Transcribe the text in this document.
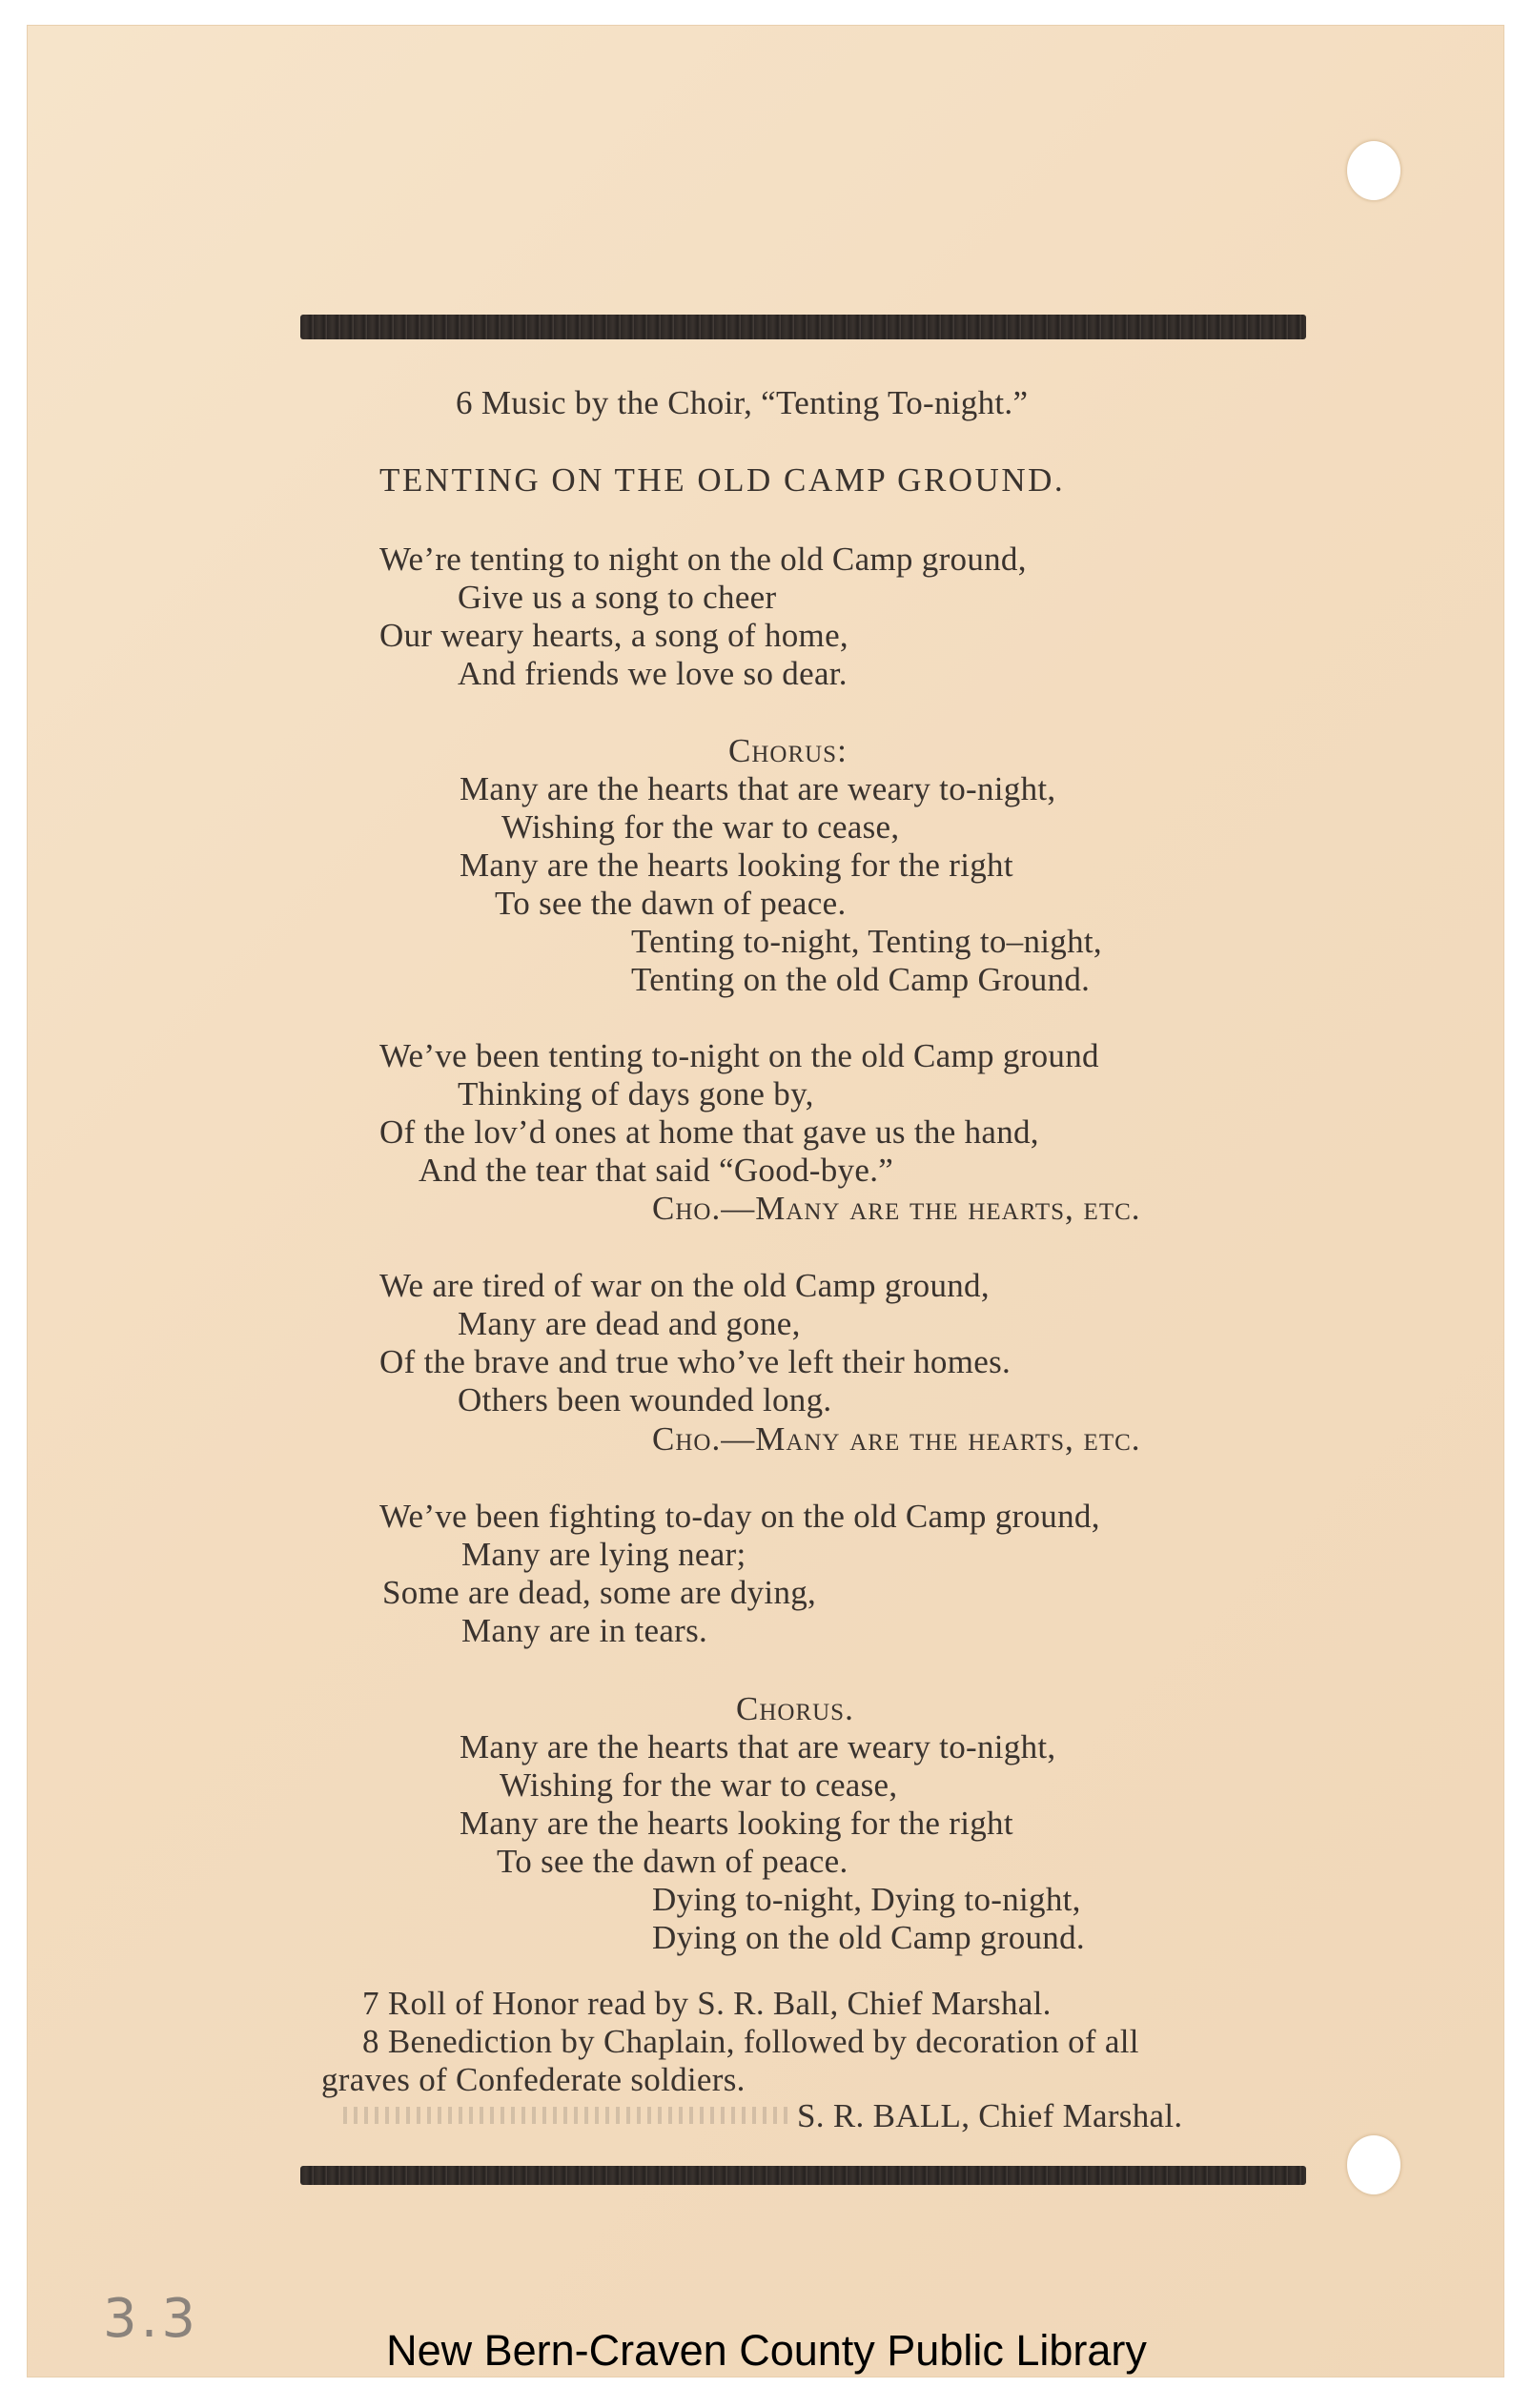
6 Music by the Choir, “Tenting To-night.”
TENTING ON THE OLD CAMP GROUND.
We’re tenting to night on the old Camp ground,
Give us a song to cheer
Our weary hearts, a song of home,
And friends we love so dear.
Chorus:
Many are the hearts that are weary to-night,
Wishing for the war to cease,
Many are the hearts looking for the right
To see the dawn of peace.
Tenting to-night, Tenting to–night,
Tenting on the old Camp Ground.
We’ve been tenting to-night on the old Camp ground
Thinking of days gone by,
Of the lov’d ones at home that gave us the hand,
And the tear that said “Good-bye.”
Cho.—Many are the hearts, etc.
We are tired of war on the old Camp ground,
Many are dead and gone,
Of the brave and true who’ve left their homes.
Others been wounded long.
Cho.—Many are the hearts, etc.
We’ve been fighting to-day on the old Camp ground,
Many are lying near;
Some are dead, some are dying,
Many are in tears.
Chorus.
Many are the hearts that are weary to-night,
Wishing for the war to cease,
Many are the hearts looking for the right
To see the dawn of peace.
Dying to-night, Dying to-night,
Dying on the old Camp ground.
7 Roll of Honor read by S. R. Ball, Chief Marshal.
8 Benediction by Chaplain, followed by decoration of all
graves of Confederate soldiers.
S. R. BALL, Chief Marshal.
3.3
New Bern-Craven County Public Library
